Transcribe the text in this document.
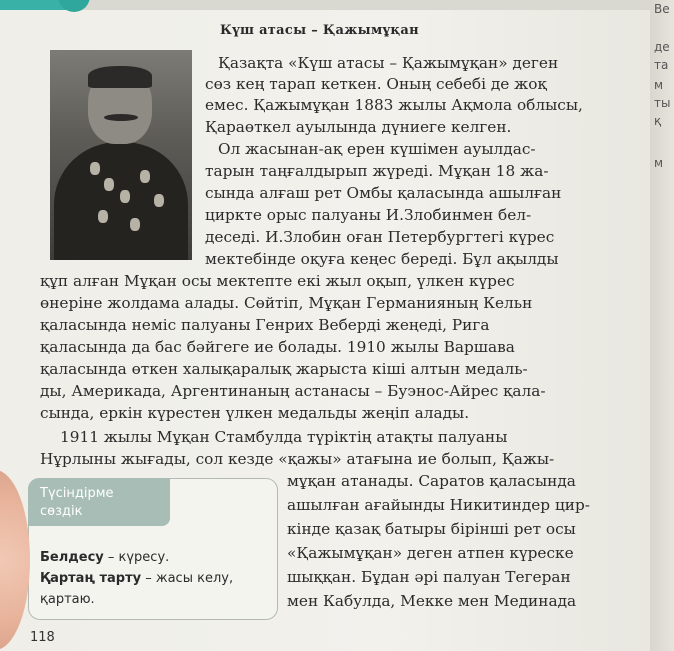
Be
де
та
м
ты
қ
м
Күш атасы – Қажымұқан
Қазақта «Күш атасы – Қажымұқан» деген
сөз кең тарап кеткен. Оның себебі де жоқ
емес. Қажымұқан 1883 жылы Ақмола облысы,
Қараөткел ауылында дүниеге келген.
Ол жасынан-ақ ерен күшімен ауылдас-
тарын таңғалдырып жүреді. Мұқан 18 жа-
сында алғаш рет Омбы қаласында ашылған
циркте орыс палуаны И.Злобинмен бел-
деседі. И.Злобин оған Петербургтегі күрес
мектебінде оқуға кеңес береді. Бұл ақылды
құп алған Мұқан осы мектепте екі жыл оқып, үлкен күрес
өнеріне жолдама алады. Сөйтіп, Мұқан Германияның Кельн
қаласында неміс палуаны Генрих Веберді жеңеді, Рига
қаласында да бас бәйгеге ие болады. 1910 жылы Варшава
қаласында өткен халықаралық жарыста кіші алтын медаль-
ды, Америкада, Аргентинаның астанасы – Буэнос-Айрес қала-
сында, еркін күрестен үлкен медальды жеңіп алады.
1911 жылы Мұқан Стамбулда түріктің атақты палуаны
Нұрлыны жығады, сол кезде «қажы» атағына ие болып, Қажы-
мұқан атанады. Саратов қаласында
ашылған ағайынды Никитиндер цир-
кінде қазақ батыры бірінші рет осы
«Қажымұқан» деген атпен күреске
шыққан. Бұдан әрі палуан Тегеран
мен Кабулда, Мекке мен Мединада
Түсіндірме
сөздік
Белдесу – күресу.
Қартаң тарту – жасы келу,
қартаю.
118
